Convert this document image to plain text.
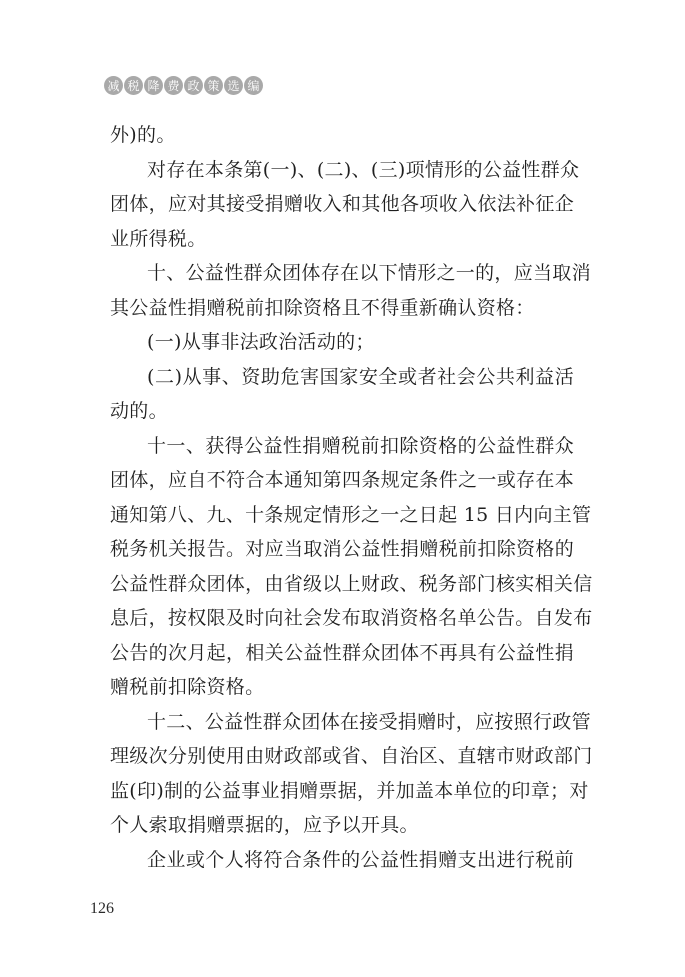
减 税 降 费 政 策 选 编
外)的。
对存在本条第(一)、(二)、(三)项情形的公益性群众
团体，应对其接受捐赠收入和其他各项收入依法补征企
业所得税。
十、公益性群众团体存在以下情形之一的，应当取消
其公益性捐赠税前扣除资格且不得重新确认资格：
(一)从事非法政治活动的；
(二)从事、资助危害国家安全或者社会公共利益活
动的。
十一、获得公益性捐赠税前扣除资格的公益性群众
团体，应自不符合本通知第四条规定条件之一或存在本
通知第八、九、十条规定情形之一之日起 15 日内向主管
税务机关报告。对应当取消公益性捐赠税前扣除资格的
公益性群众团体，由省级以上财政、税务部门核实相关信
息后，按权限及时向社会发布取消资格名单公告。自发布
公告的次月起，相关公益性群众团体不再具有公益性捐
赠税前扣除资格。
十二、公益性群众团体在接受捐赠时，应按照行政管
理级次分别使用由财政部或省、自治区、直辖市财政部门
监(印)制的公益事业捐赠票据，并加盖本单位的印章；对
个人索取捐赠票据的，应予以开具。
企业或个人将符合条件的公益性捐赠支出进行税前
126
